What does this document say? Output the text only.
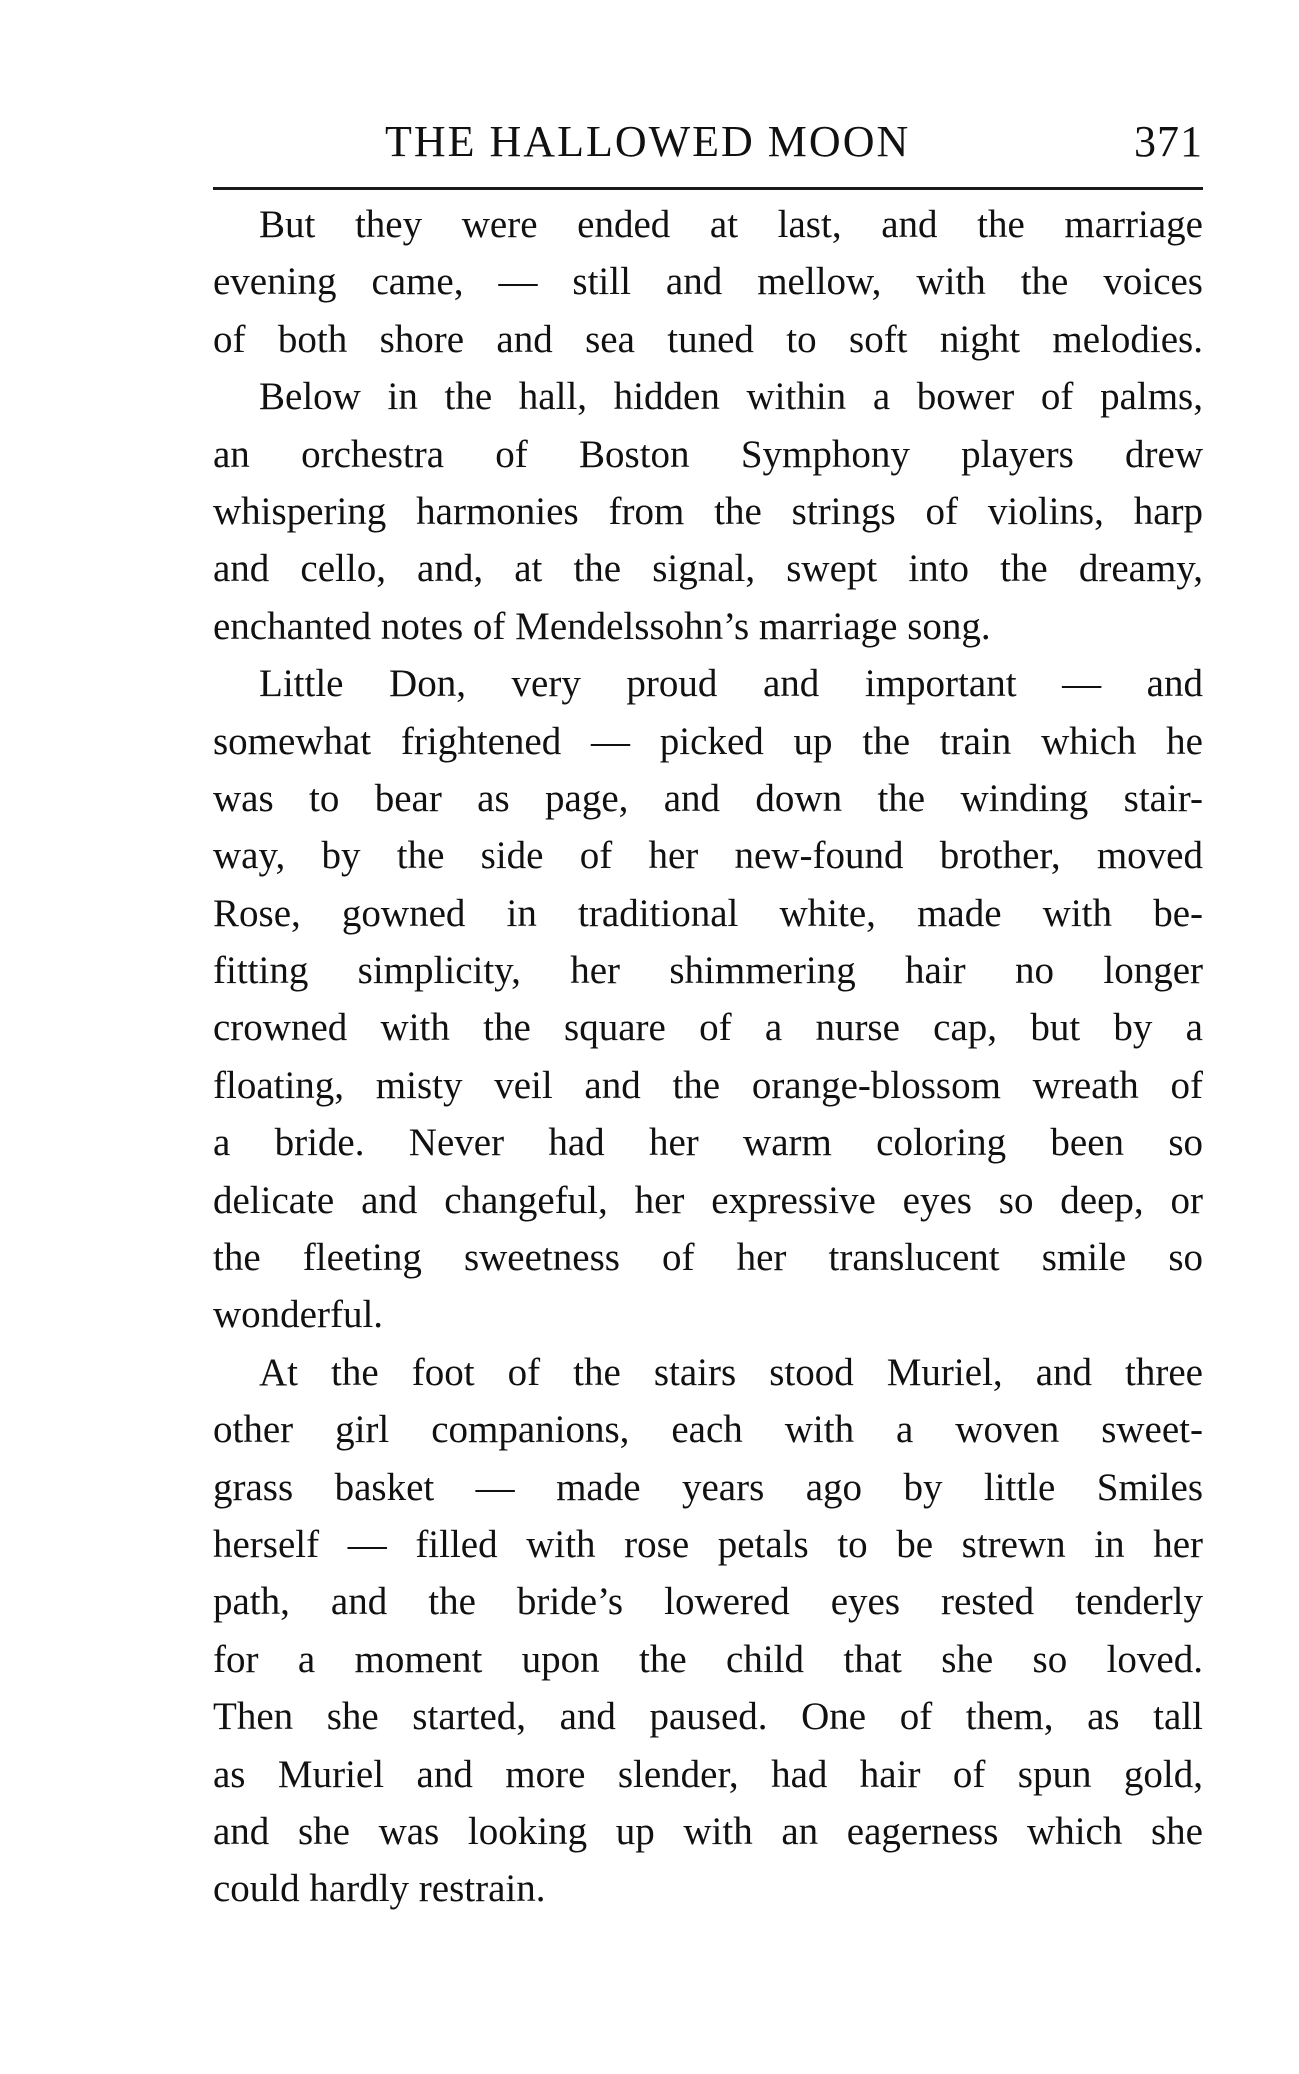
THE HALLOWED MOON	371
But they were ended at last, and the marriage
evening came, — still and mellow, with the voices
of both shore and sea tuned to soft night melodies.
Below in the hall, hidden within a bower of palms,
an orchestra of Boston Symphony players drew
whispering harmonies from the strings of violins, harp
and cello, and, at the signal, swept into the dreamy,
enchanted notes of Mendelssohn’s marriage song.
Little Don, very proud and important — and
somewhat frightened — picked up the train which he
was to bear as page, and down the winding stair-
way, by the side of her new-found brother, moved
Rose, gowned in traditional white, made with be-
fitting simplicity, her shimmering hair no longer
crowned with the square of a nurse cap, but by a
floating, misty veil and the orange-blossom wreath of
a bride. Never had her warm coloring been so
delicate and changeful, her expressive eyes so deep, or
the fleeting sweetness of her translucent smile so
wonderful.
At the foot of the stairs stood Muriel, and three
other girl companions, each with a woven sweet-
grass basket — made years ago by little Smiles
herself — filled with rose petals to be strewn in her
path, and the bride’s lowered eyes rested tenderly
for a moment upon the child that she so loved.
Then she started, and paused. One of them, as tall
as Muriel and more slender, had hair of spun gold,
and she was looking up with an eagerness which she
could hardly restrain.
